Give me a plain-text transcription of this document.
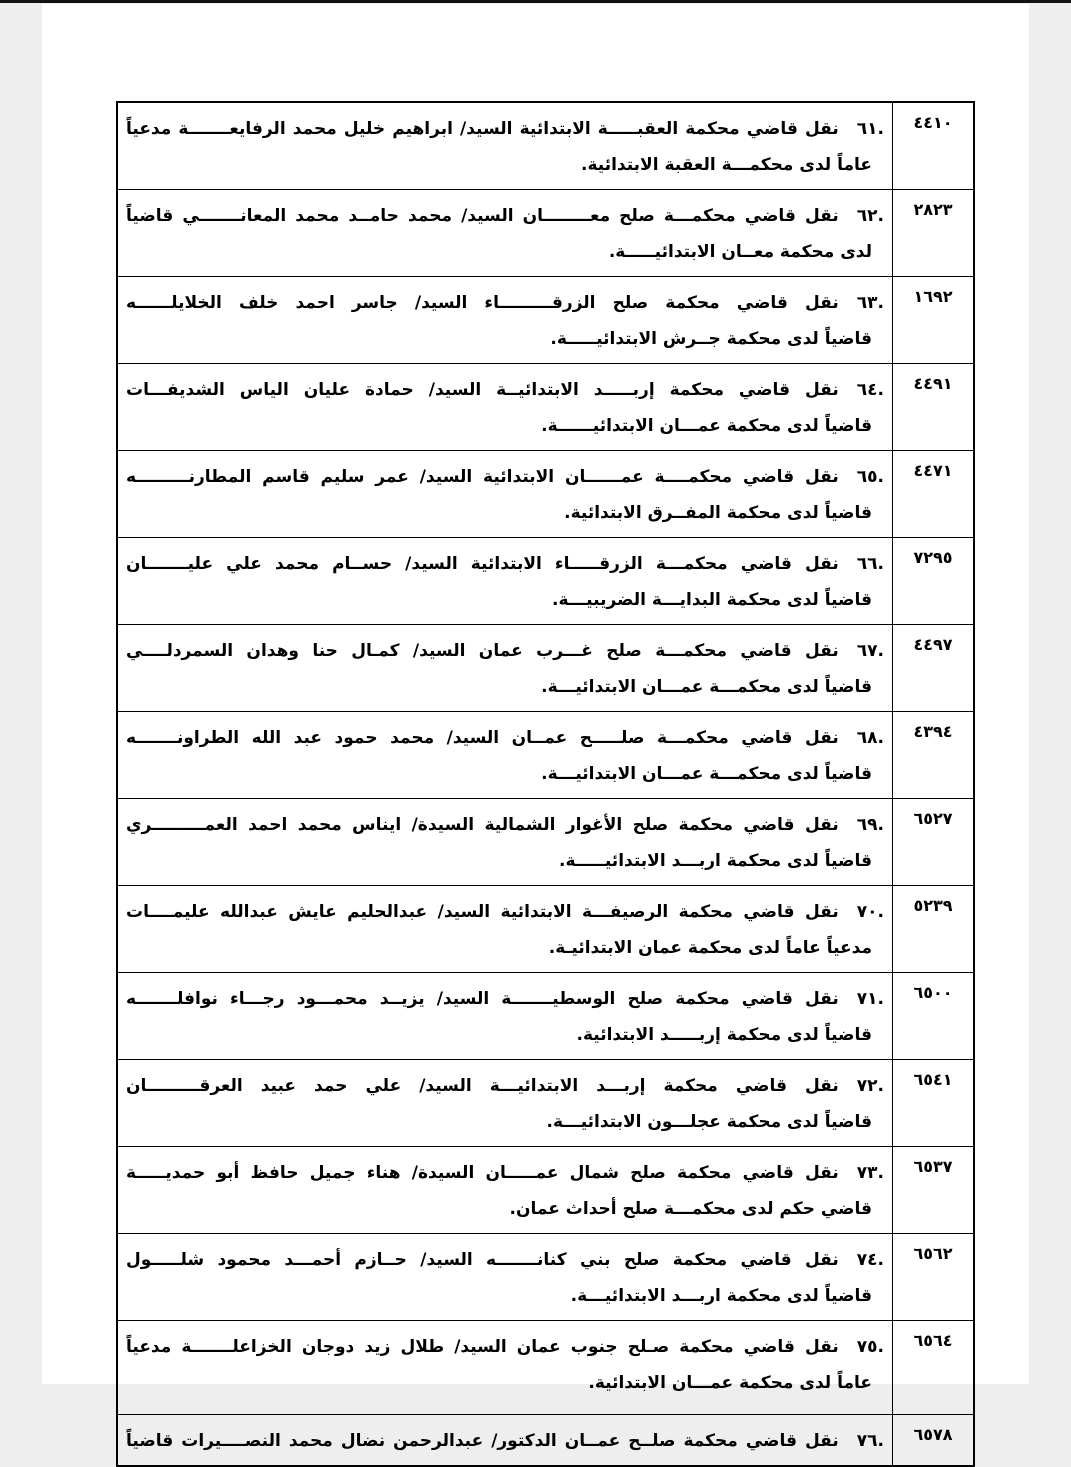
٤٤١٠	.٦١نقل قاضي محكمة العقبـــــة الابتدائية السيد/ ابراهيم خليل محمد الرفايعـــــــة مدعياً
عاماً لدى محكمـــة العقبة الابتدائية.

٢٨٢٣	.٦٢نقل قاضي محكمـــة صلح معــــــــان السيد/ محمد حامــد محمد المعانـــــــي قاضياً
لدى محكمة معــان الابتدائيـــــة.

١٦٩٢	.٦٣نقل قاضي محكمة صلح الزرقـــــــــاء السيد/ جاسر احمد خلف الخلايلــــــه
قاضياً لدى محكمة جــرش الابتدائيـــــة.

٤٤٩١	.٦٤نقل قاضي محكمة إربـــــد الابتدائيــة السيد/ حمادة عليان الياس الشديفـــات
قاضياً لدى محكمة عمـــان الابتدائيــــــة.

٤٤٧١	.٦٥نقل قاضي محكمــــة عمــــــان الابتدائية السيد/ عمر سليم قاسم المطارنـــــــــه
قاضياً لدى محكمة المفــرق الابتدائية.

٧٢٩٥	.٦٦نقل قاضي محكمـــة الزرقـــــاء الابتدائية السيد/ حســام محمد علي عليـــــــان
قاضياً لدى محكمة البدايـــة الضريبيـــة.

٤٤٩٧	.٦٧نقل قاضي محكمـــة صلح غـــرب عمان السيد/ كمـال حنا وهدان السمردلــــي
قاضياً لدى محكمـــة عمـــان الابتدائيـــة.

٤٣٩٤	.٦٨نقل قاضي محكمـــة صلـــــح عمــان السيد/ محمد حمود عبد الله الطراونـــــــه
قاضياً لدى محكمـــة عمـــان الابتدائيـــة.

٦٥٢٧	.٦٩نقل قاضي محكمة صلح الأغوار الشمالية السيدة/ ايناس محمد احمد العمـــــــــري
قاضياً لدى محكمة اربـــد الابتدائيـــــة.

٥٢٣٩	.٧٠نقل قاضي محكمة الرصيفـــة الابتدائية السيد/ عبدالحليم عايش عبدالله عليمــــات
مدعياً عاماً لدى محكمة عمان الابتدائيـة.

٦٥٠٠	.٧١نقل قاضي محكمة صلح الوسطيـــــــة السيد/ يزيــد محمـــود رجـــاء نوافلـــــــه
قاضياً لدى محكمة إربـــــد الابتدائية.

٦٥٤١	.٧٢نقل قاضي محكمة إربـــد الابتدائيـــة السيد/ علي حمد عبيد العرقـــــــــان
قاضياً لدى محكمة عجلـــون الابتدائيـــة.

٦٥٣٧	.٧٣نقل قاضي محكمة صلح شمال عمـــــان السيدة/ هناء جميل حافظ أبو حمديـــــة
قاضي حكم لدى محكمـــة صلح أحداث عمان.

٦٥٦٢	.٧٤نقل قاضي محكمة صلح بني كنانـــــــه السيد/ حــازم أحمـــد محمود شلـــــول
قاضياً لدى محكمة اربـــد الابتدائيـــة.

٦٥٦٤	.٧٥نقل قاضي محكمة صـلح جنوب عمان السيد/ طلال زيد دوجان الخزاعلـــــــة مدعياً
عاماً لدى محكمة عمـــان الابتدائية.

٦٥٧٨	.٧٦نقل قاضي محكمة صلــح عمــان الدكتور/ عبدالرحمن نضال محمد النصــــيرات قاضياً
